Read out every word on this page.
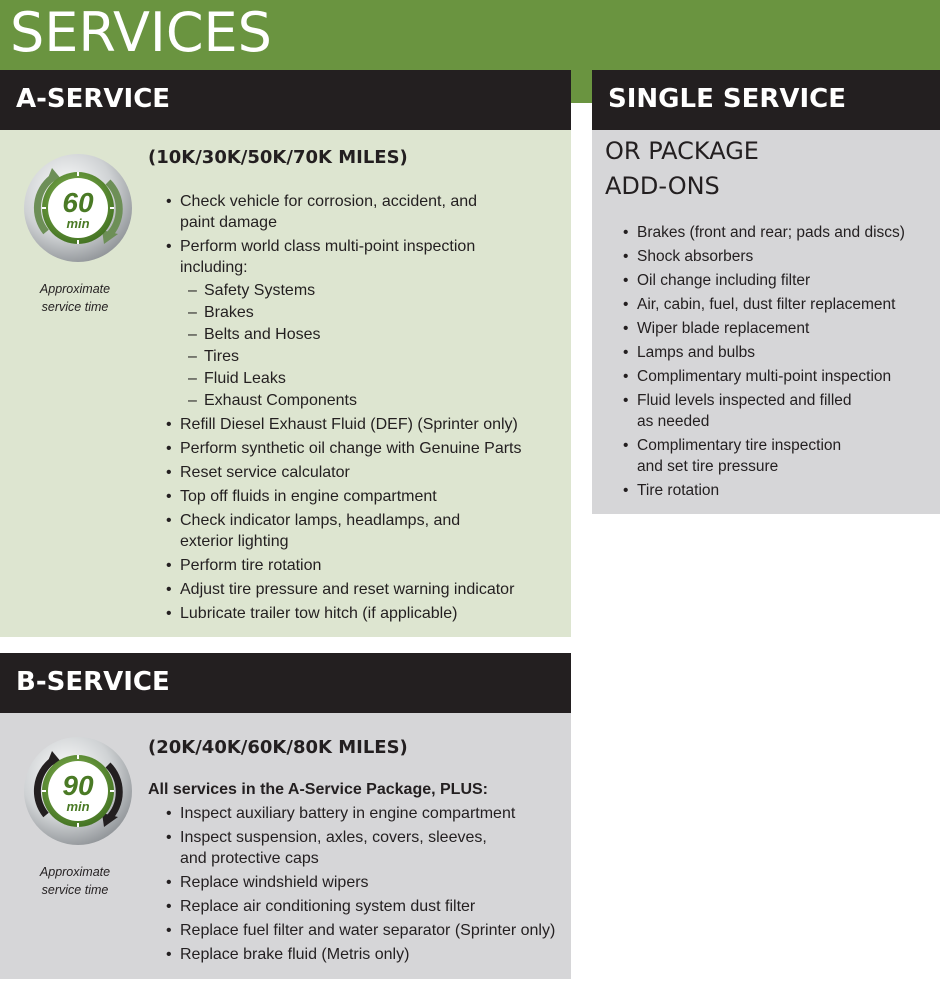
SERVICES
A-SERVICE
60
min
Approximate
service time
(10K/30K/50K/70K MILES)
• Check vehicle for corrosion, accident, and
paint damage
• Perform world class multi-point inspection
including:
– Safety Systems
– Brakes
– Belts and Hoses
– Tires
– Fluid Leaks
– Exhaust Components
• Refill Diesel Exhaust Fluid (DEF) (Sprinter only)
• Perform synthetic oil change with Genuine Parts
• Reset service calculator
• Top off fluids in engine compartment
• Check indicator lamps, headlamps, and
exterior lighting
• Perform tire rotation
• Adjust tire pressure and reset warning indicator
• Lubricate trailer tow hitch (if applicable)
B-SERVICE
90
min
Approximate
service time
(20K/40K/60K/80K MILES)
All services in the A-Service Package, PLUS:
• Inspect auxiliary battery in engine compartment
• Inspect suspension, axles, covers, sleeves,
and protective caps
• Replace windshield wipers
• Replace air conditioning system dust filter
• Replace fuel filter and water separator (Sprinter only)
• Replace brake fluid (Metris only)
SINGLE SERVICE
OR PACKAGE
ADD-ONS
• Brakes (front and rear; pads and discs)
• Shock absorbers
• Oil change including filter
• Air, cabin, fuel, dust filter replacement
• Wiper blade replacement
• Lamps and bulbs
• Complimentary multi-point inspection
• Fluid levels inspected and filled
as needed
• Complimentary tire inspection
and set tire pressure
• Tire rotation
